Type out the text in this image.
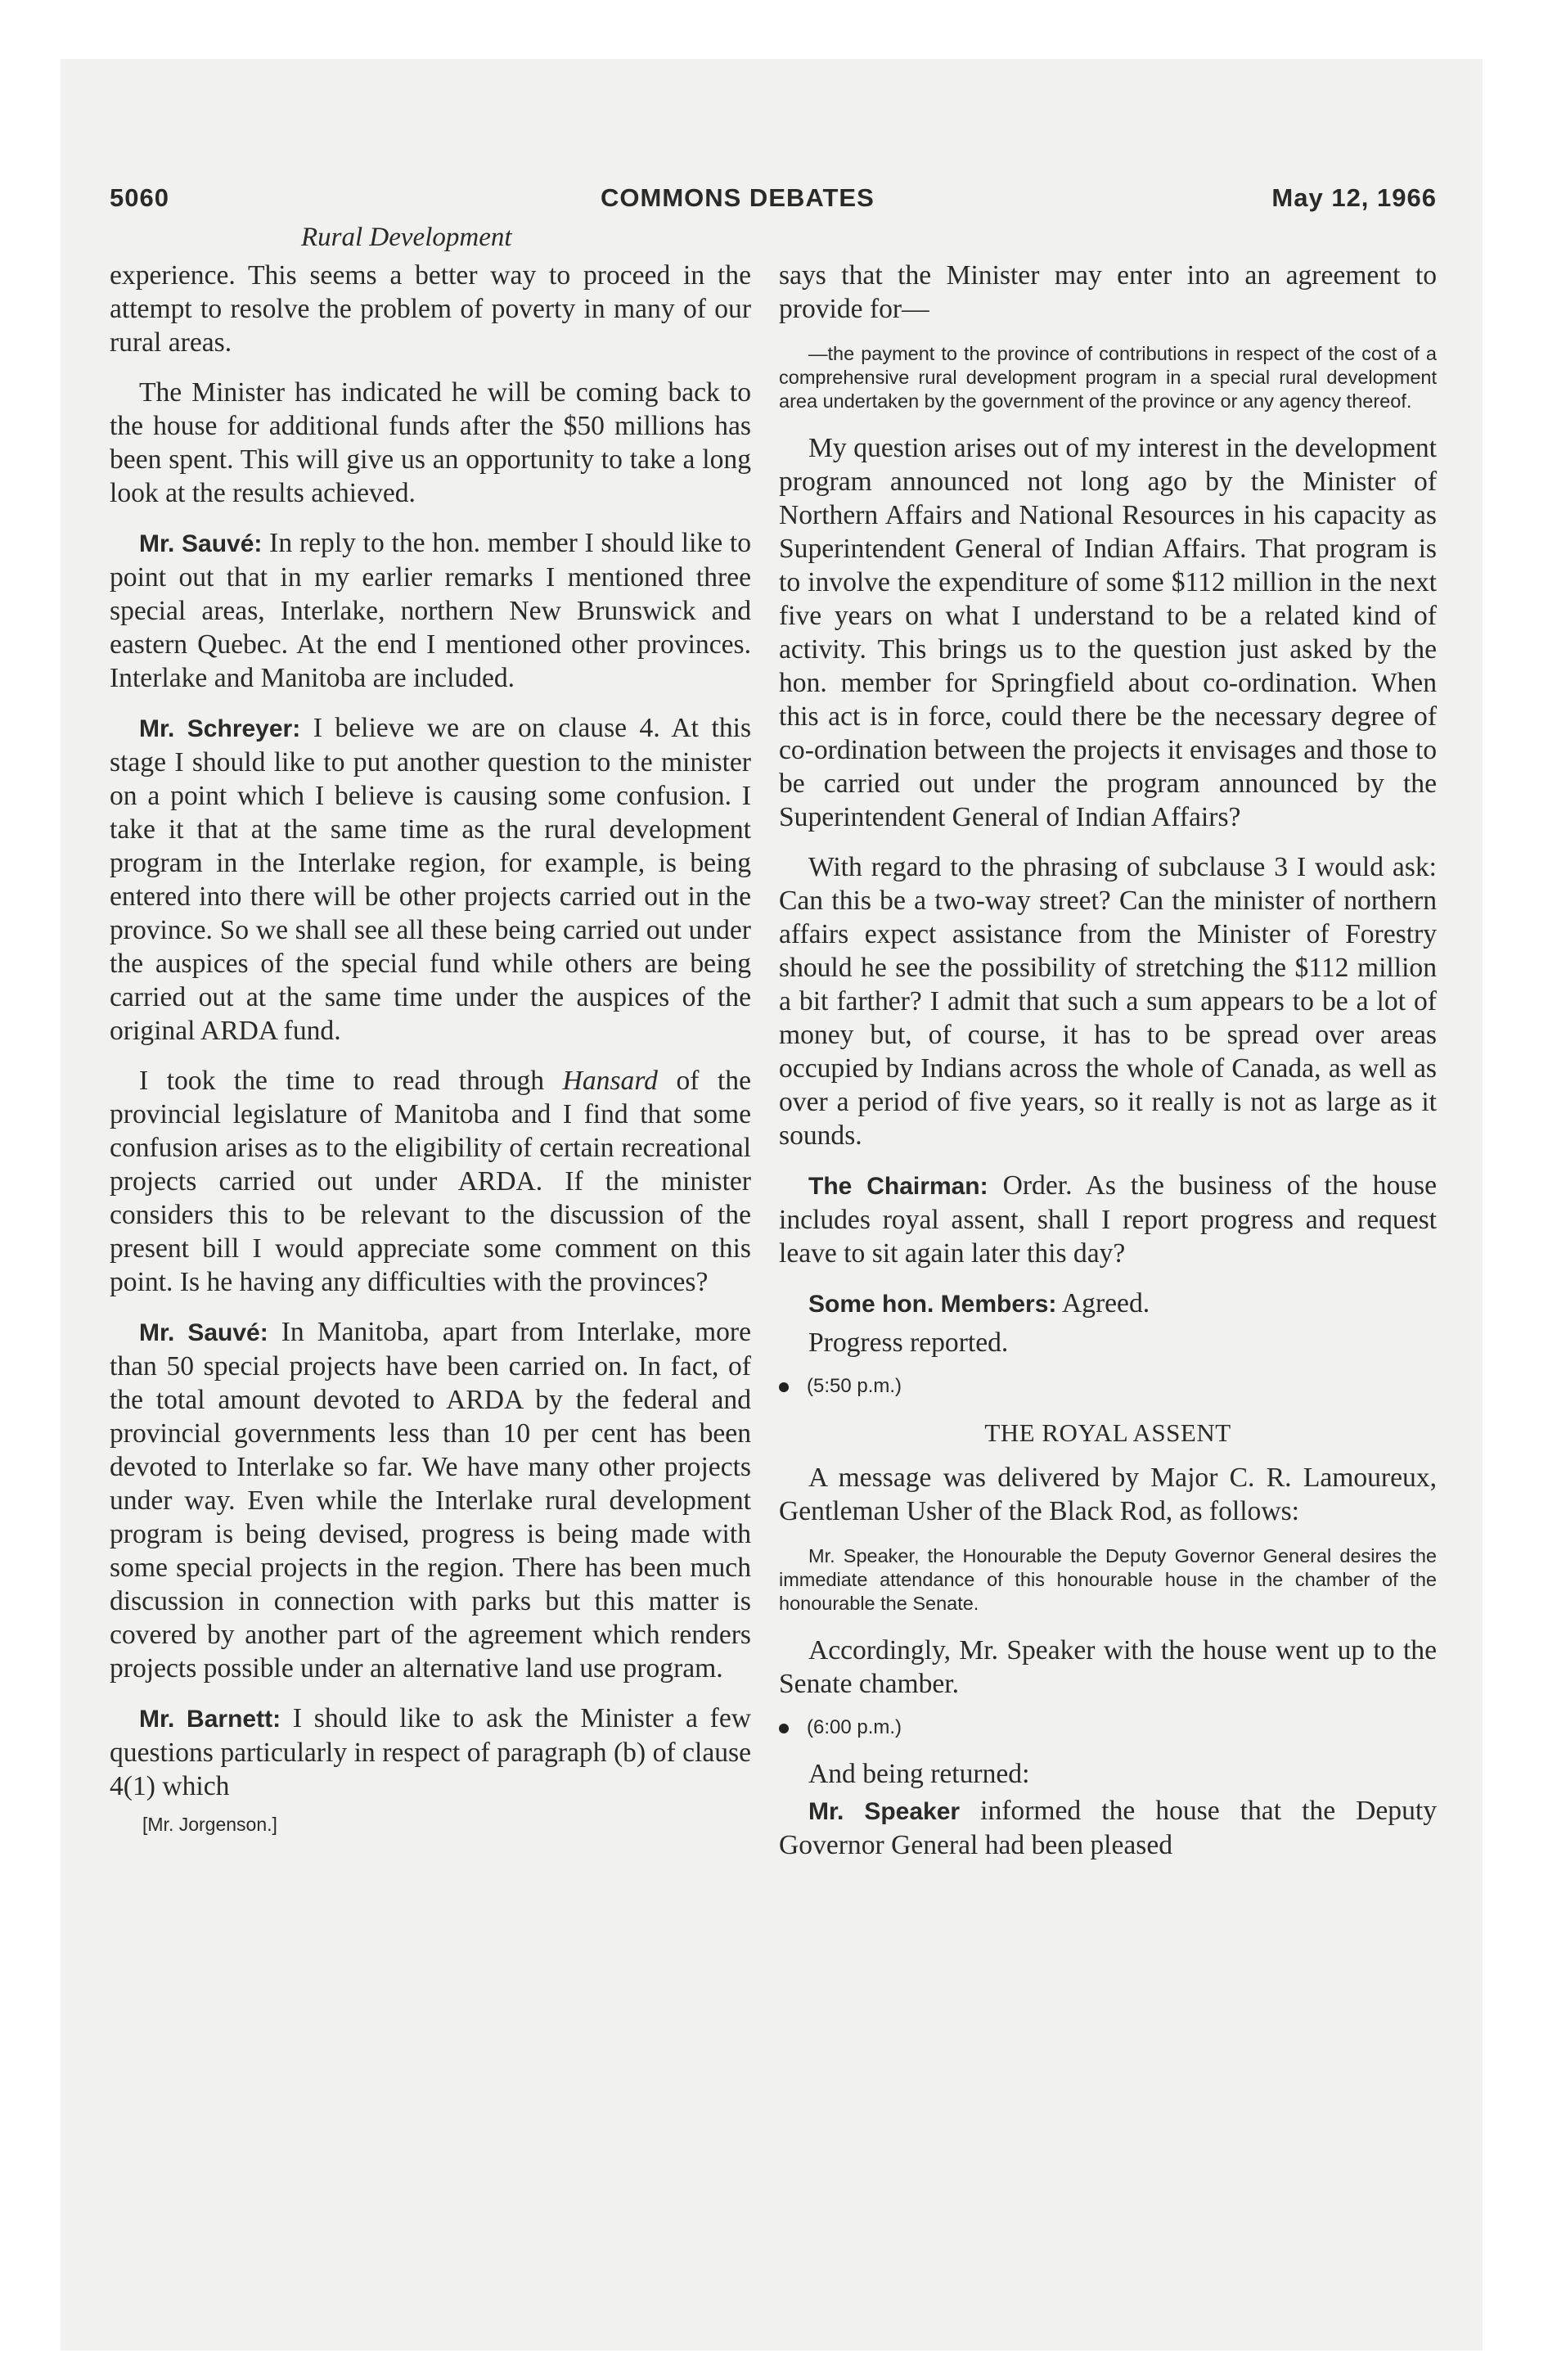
5060	COMMONS DEBATES	May 12, 1966
Rural Development

experience. This seems a better way to proceed in the attempt to resolve the problem of poverty in many of our rural areas.

The Minister has indicated he will be coming back to the house for additional funds after the $50 millions has been spent. This will give us an opportunity to take a long look at the results achieved.

Mr. Sauvé: In reply to the hon. member I should like to point out that in my earlier remarks I mentioned three special areas, Interlake, northern New Brunswick and eastern Quebec. At the end I mentioned other provinces. Interlake and Manitoba are included.

Mr. Schreyer: I believe we are on clause 4. At this stage I should like to put another question to the minister on a point which I believe is causing some confusion. I take it that at the same time as the rural development program in the Interlake region, for example, is being entered into there will be other projects carried out in the province. So we shall see all these being carried out under the auspices of the special fund while others are being carried out at the same time under the auspices of the original ARDA fund.

I took the time to read through Hansard of the provincial legislature of Manitoba and I find that some confusion arises as to the eligibility of certain recreational projects carried out under ARDA. If the minister considers this to be relevant to the discussion of the present bill I would appreciate some comment on this point. Is he having any difficulties with the provinces?

Mr. Sauvé: In Manitoba, apart from Interlake, more than 50 special projects have been carried on. In fact, of the total amount devoted to ARDA by the federal and provincial governments less than 10 per cent has been devoted to Interlake so far. We have many other projects under way. Even while the Interlake rural development program is being devised, progress is being made with some special projects in the region. There has been much discussion in connection with parks but this matter is covered by another part of the agreement which renders projects possible under an alternative land use program.

Mr. Barnett: I should like to ask the Minister a few questions particularly in respect of paragraph (b) of clause 4(1) which

[Mr. Jorgenson.]

says that the Minister may enter into an agreement to provide for—

—the payment to the province of contributions in respect of the cost of a comprehensive rural development program in a special rural development area undertaken by the government of the province or any agency thereof.

My question arises out of my interest in the development program announced not long ago by the Minister of Northern Affairs and National Resources in his capacity as Superintendent General of Indian Affairs. That program is to involve the expenditure of some $112 million in the next five years on what I understand to be a related kind of activity. This brings us to the question just asked by the hon. member for Springfield about co-ordination. When this act is in force, could there be the necessary degree of co-ordination between the projects it envisages and those to be carried out under the program announced by the Superintendent General of Indian Affairs?

With regard to the phrasing of subclause 3 I would ask: Can this be a two-way street? Can the minister of northern affairs expect assistance from the Minister of Forestry should he see the possibility of stretching the $112 million a bit farther? I admit that such a sum appears to be a lot of money but, of course, it has to be spread over areas occupied by Indians across the whole of Canada, as well as over a period of five years, so it really is not as large as it sounds.

The Chairman: Order. As the business of the house includes royal assent, shall I report progress and request leave to sit again later this day?

Some hon. Members: Agreed.

Progress reported.

(5:50 p.m.)
THE ROYAL ASSENT

A message was delivered by Major C. R. Lamoureux, Gentleman Usher of the Black Rod, as follows:

Mr. Speaker, the Honourable the Deputy Governor General desires the immediate attendance of this honourable house in the chamber of the honourable the Senate.

Accordingly, Mr. Speaker with the house went up to the Senate chamber.

(6:00 p.m.)

And being returned:

Mr. Speaker informed the house that the Deputy Governor General had been pleased
